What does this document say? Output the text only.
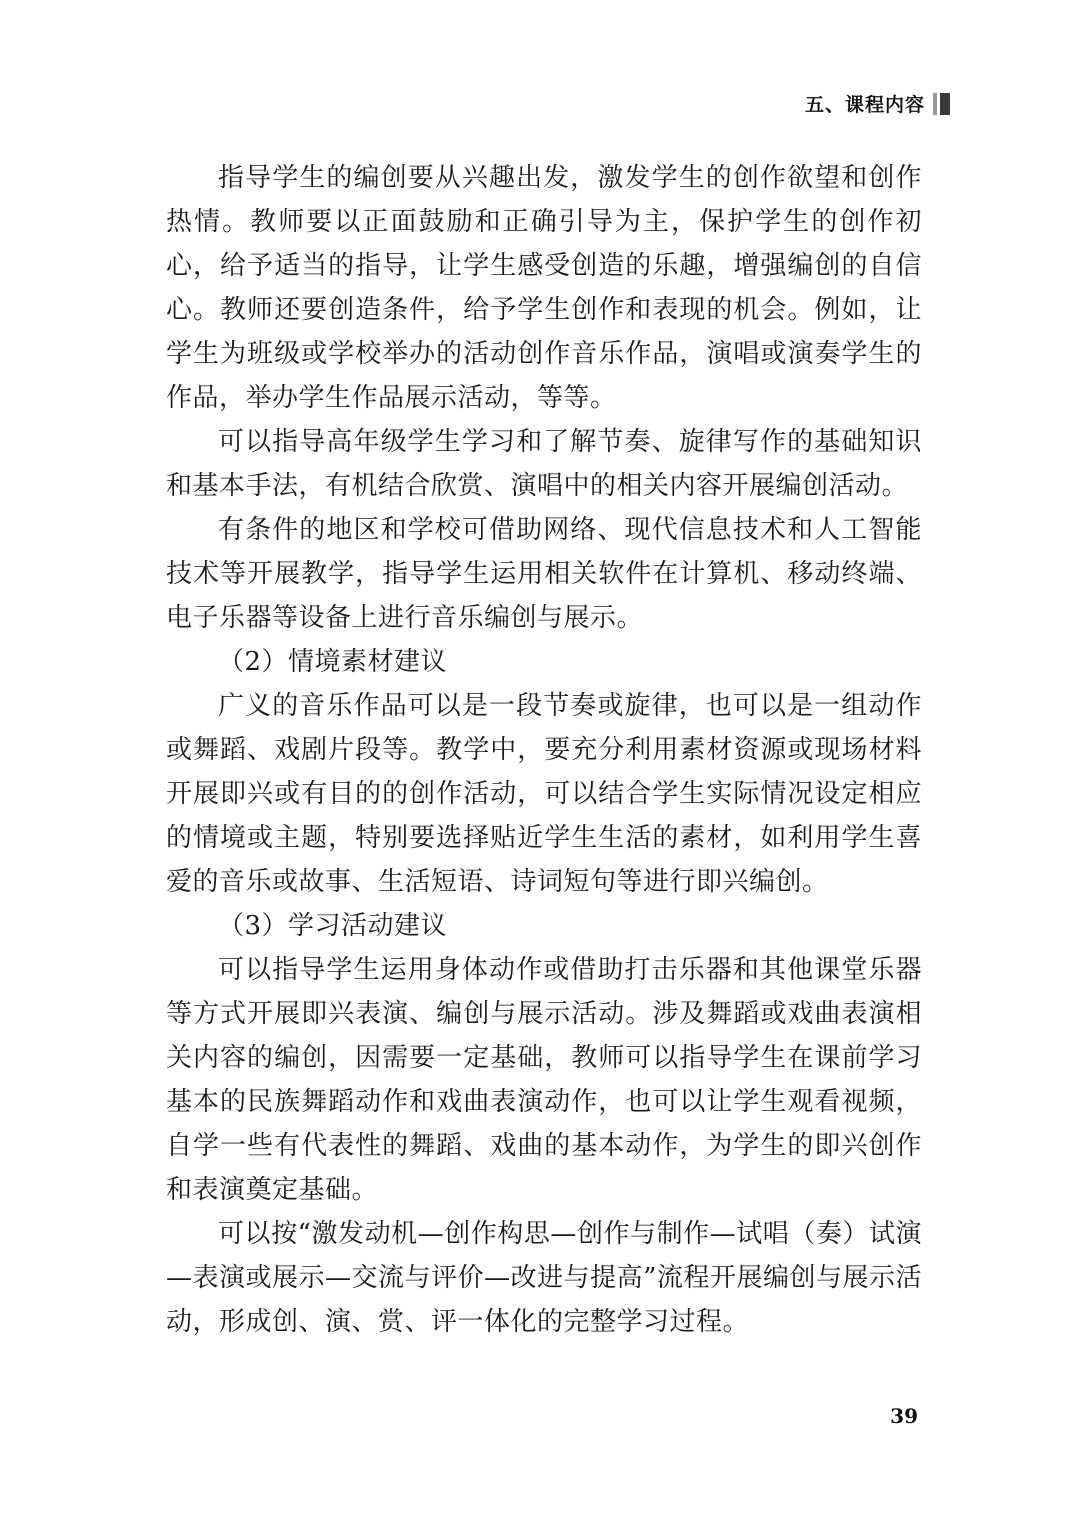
五、课程内容

指导学生的编创要从兴趣出发，激发学生的创作欲望和创作热情。教师要以正面鼓励和正确引导为主，保护学生的创作初心，给予适当的指导，让学生感受创造的乐趣，增强编创的自信心。教师还要创造条件，给予学生创作和表现的机会。例如，让学生为班级或学校举办的活动创作音乐作品，演唱或演奏学生的作品，举办学生作品展示活动，等等。

可以指导高年级学生学习和了解节奏、旋律写作的基础知识和基本手法，有机结合欣赏、演唱中的相关内容开展编创活动。

有条件的地区和学校可借助网络、现代信息技术和人工智能技术等开展教学，指导学生运用相关软件在计算机、移动终端、电子乐器等设备上进行音乐编创与展示。

（2）情境素材建议

广义的音乐作品可以是一段节奏或旋律，也可以是一组动作或舞蹈、戏剧片段等。教学中，要充分利用素材资源或现场材料开展即兴或有目的的创作活动，可以结合学生实际情况设定相应的情境或主题，特别要选择贴近学生生活的素材，如利用学生喜爱的音乐或故事、生活短语、诗词短句等进行即兴编创。

（3）学习活动建议

可以指导学生运用身体动作或借助打击乐器和其他课堂乐器等方式开展即兴表演、编创与展示活动。涉及舞蹈或戏曲表演相关内容的编创，因需要一定基础，教师可以指导学生在课前学习基本的民族舞蹈动作和戏曲表演动作，也可以让学生观看视频，自学一些有代表性的舞蹈、戏曲的基本动作，为学生的即兴创作和表演奠定基础。

可以按“激发动机—创作构思—创作与制作—试唱（奏）试演—表演或展示—交流与评价—改进与提高”流程开展编创与展示活动，形成创、演、赏、评一体化的完整学习过程。

39
